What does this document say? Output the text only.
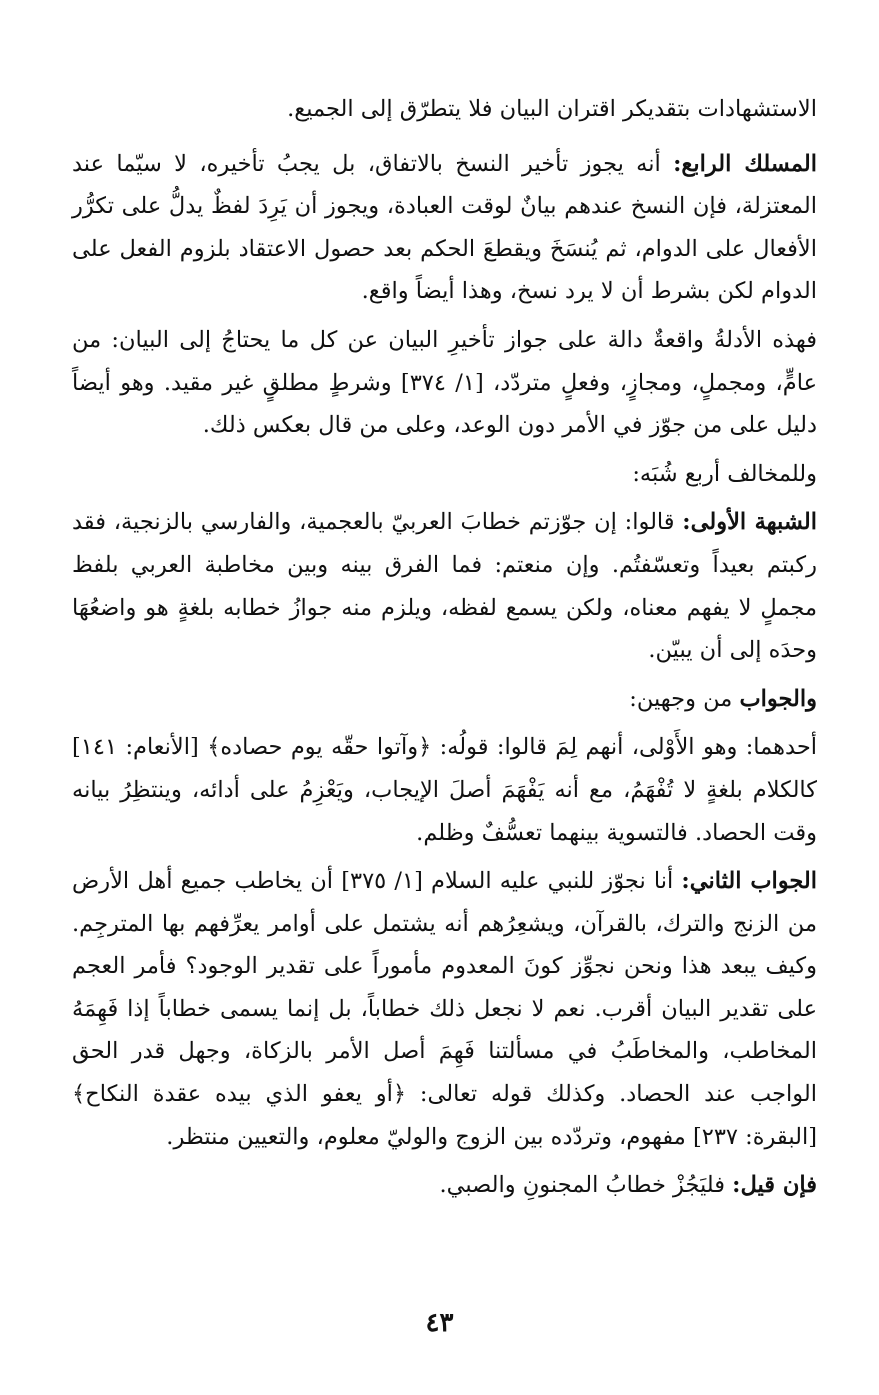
الاستشهادات بتقديكر اقتران البيان فلا يتطرّق إلى الجميع.

المسلك الرابع: أنه يجوز تأخير النسخ بالاتفاق، بل يجبُ تأخيره، لا سيّما عند المعتزلة، فإن النسخ عندهم بيانٌ لوقت العبادة، ويجوز أن يَرِدَ لفظٌ يدلُّ على تكرُّر الأفعال على الدوام، ثم يُنسَخَ ويقطعَ الحكم بعد حصول الاعتقاد بلزوم الفعل على الدوام لكن بشرط أن لا يرد نسخ، وهذا أيضاً واقع.

فهذه الأدلةُ واقعةٌ دالة على جواز تأخيرِ البيان عن كل ما يحتاجُ إلى البيان: من عامٍّ، ومجملٍ، ومجازٍ، وفعلٍ متردّد، [١/ ٣٧٤] وشرطٍ مطلقٍ غير مقيد. وهو أيضاً دليل على من جوّز في الأمر دون الوعد، وعلى من قال بعكس ذلك.

وللمخالف أربع شُبَه:

الشبهة الأولى: قالوا: إن جوّزتم خطابَ العربيّ بالعجمية، والفارسي بالزنجية، فقد ركبتم بعيداً وتعسّفتُم. وإن منعتم: فما الفرق بينه وبين مخاطبة العربي بلفظ مجملٍ لا يفهم معناه، ولكن يسمع لفظه، ويلزم منه جوازُ خطابه بلغةٍ هو واضعُهَا وحدَه إلى أن يبيّن.

والجواب من وجهين:

أحدهما: وهو الأَوْلى، أنهم لِمَ قالوا: قولُه: ﴿وآتوا حقّه يوم حصاده﴾ [الأنعام: ١٤١] كالكلام بلغةٍ لا تُفْهَمُ، مع أنه يَفْهَمَ أصلَ الإيجاب، ويَعْزِمُ على أدائه، وينتظِرُ بيانه وقت الحصاد. فالتسوية بينهما تعسُّفٌ وظلم.

الجواب الثاني: أنا نجوّز للنبي عليه السلام [١/ ٣٧٥] أن يخاطب جميع أهل الأرض من الزنج والترك، بالقرآن، ويشعِرُهم أنه يشتمل على أوامر يعرِّفهم بها المترجِم. وكيف يبعد هذا ونحن نجوِّز كونَ المعدوم مأموراً على تقدير الوجود؟ فأمر العجم على تقدير البيان أقرب. نعم لا نجعل ذلك خطاباً، بل إنما يسمى خطاباً إذا فَهِمَهُ المخاطب، والمخاطَبُ في مسألتنا فَهِمَ أصل الأمر بالزكاة، وجهل قدر الحق الواجب عند الحصاد. وكذلك قوله تعالى: ﴿أو يعفو الذي بيده عقدة النكاح﴾ [البقرة: ٢٣٧] مفهوم، وتردّده بين الزوج والوليّ معلوم، والتعيين منتظر.

فإن قيل: فليَجُزْ خطابُ المجنونِ والصبي.

٤٣
